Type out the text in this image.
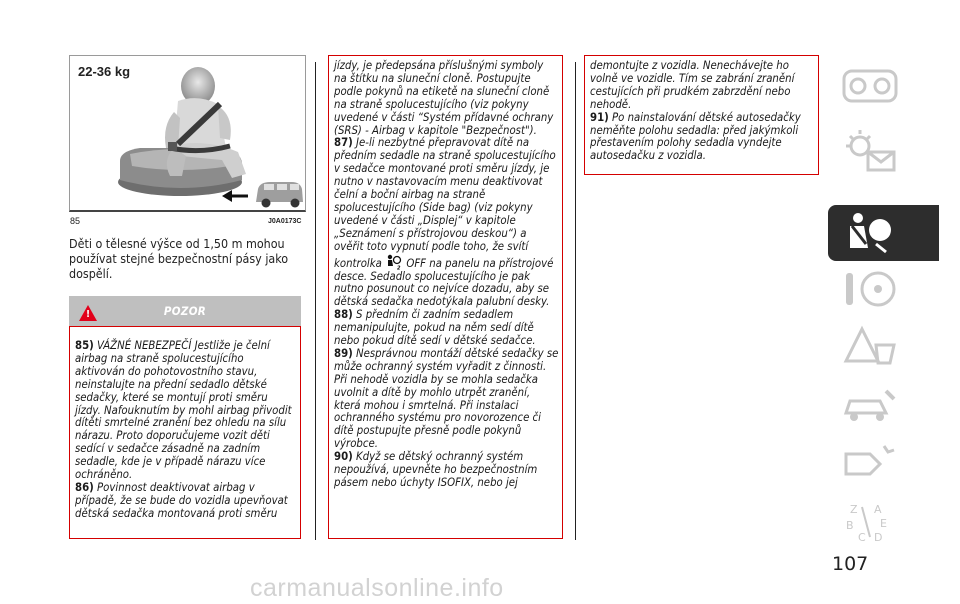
22-36 kg
85	J0A0173C
Děti o tělesné výšce od 1,50 m mohou používat stejné bezpečnostní pásy jako dospělí.
!	POZOR

85) VÁŽNÉ NEBEZPEČÍ Jestliže je čelní airbag na straně spolucestujícího aktivován do pohotovostního stavu, neinstalujte na přední sedadlo dětské sedačky, které se montují proti směru jízdy. Nafouknutím by mohl airbag přivodit dítěti smrtelné zranění bez ohledu na sílu nárazu. Proto doporučujeme vozit děti sedící v sedačce zásadně na zadním sedadle, kde je v případě nárazu více ochráněno.

86) Povinnost deaktivovat airbag v případě, že se bude do vozidla upevňovat dětská sedačka montovaná proti směru

jízdy, je předepsána příslušnými symboly na štítku na sluneční cloně. Postupujte podle pokynů na etiketě na sluneční cloně na straně spolucestujícího (viz pokyny uvedené v části “Systém přídavné ochrany (SRS) - Airbag v kapitole "Bezpečnost").

87) Je-li nezbytné přepravovat dítě na předním sedadle na straně spolucestujícího v sedačce montované proti směru jízdy, je nutno v nastavovacím menu deaktivovat čelní a boční airbag na straně spolucestujícího (Side bag) (viz pokyny uvedené v části „Displej“ v kapitole „Seznámení s přístrojovou deskou“) a ověřit toto vypnutí podle toho, že svítí kontrolka	2 OFF na panelu na přístrojové desce. Sedadlo spolucestujícího je pak nutno posunout co nejvíce dozadu, aby se dětská sedačka nedotýkala palubní desky.

88) S předním či zadním sedadlem nemanipulujte, pokud na něm sedí dítě nebo pokud dítě sedí v dětské sedačce.

89) Nesprávnou montáží dětské sedačky se může ochranný systém vyřadit z činnosti. Při nehodě vozidla by se mohla sedačka uvolnit a dítě by mohlo utrpět zranění, která mohou i smrtelná. Při instalaci ochranného systému pro novorozence či dítě postupujte přesně podle pokynů výrobce.

90) Když se dětský ochranný systém nepoužívá, upevněte ho bezpečnostním pásem nebo úchyty ISOFIX, nebo jej

demontujte z vozidla. Nenechávejte ho volně ve vozidle. Tím se zabrání zranění cestujících při prudkém zabrzdění nebo nehodě.

91) Po nainstalování dětské autosedačky neměňte polohu sedadla: před jakýmkoli přestavením polohy sedadla vyndejte autosedačku z vozidla.

Z A
B
C
E
D
107
carmanualsonline.info
